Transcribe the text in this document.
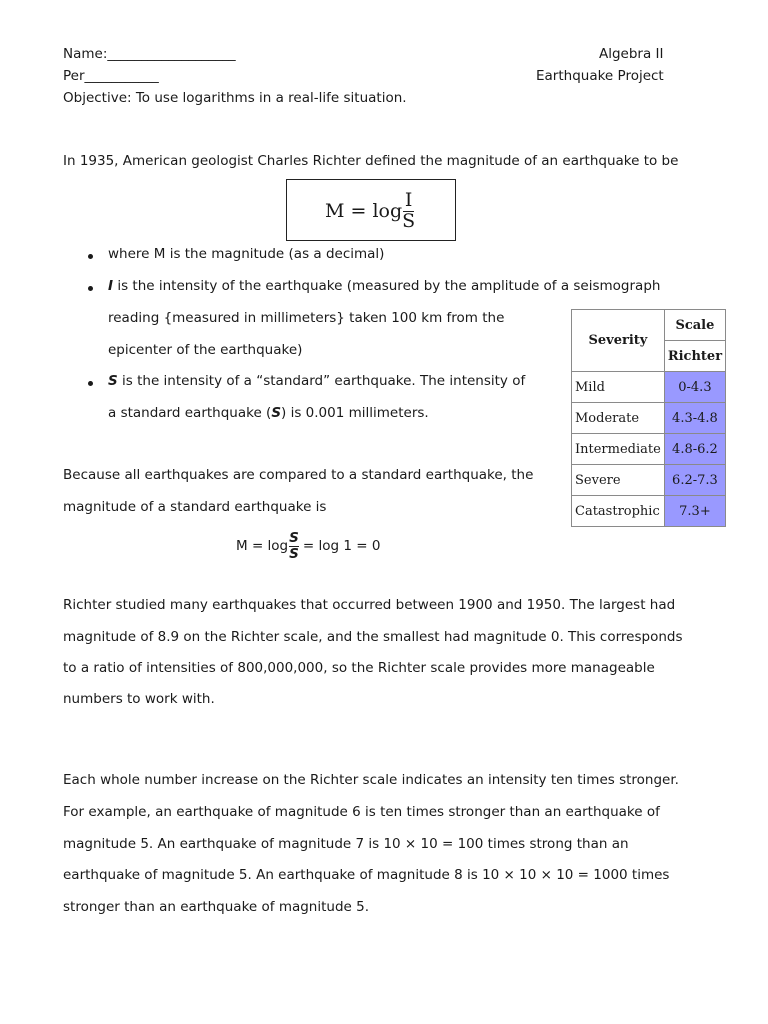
Name:___________________	Algebra II
Per___________	Earthquake Project
Objective: To use logarithms in a real-life situation.
In 1935, American geologist Charles Richter defined the magnitude of an earthquake to be
$M = \log \frac{I}{S}$
where M is the magnitude (as a decimal)
I is the intensity of the earthquake (measured by the amplitude of a seismograph
reading {measured in millimeters} taken 100 km from the
epicenter of the earthquake)
S is the intensity of a “standard” earthquake. The intensity of
a standard earthquake (S) is 0.001 millimeters.
Because all earthquakes are compared to a standard earthquake, the
magnitude of a standard earthquake is
$M = \log \frac{S}{S} = \log 1 = 0$
Severity	Scale
	Richter
Mild	0-4.3
Moderate	4.3-4.8
Intermediate	4.8-6.2
Severe	6.2-7.3
Catastrophic	7.3+
Richter studied many earthquakes that occurred between 1900 and 1950. The largest had
magnitude of 8.9 on the Richter scale, and the smallest had magnitude 0. This corresponds
to a ratio of intensities of 800,000,000, so the Richter scale provides more manageable
numbers to work with.
Each whole number increase on the Richter scale indicates an intensity ten times stronger.
For example, an earthquake of magnitude 6 is ten times stronger than an earthquake of
magnitude 5. An earthquake of magnitude 7 is 10 × 10 = 100 times strong than an
earthquake of magnitude 5. An earthquake of magnitude 8 is 10 × 10 × 10 = 1000 times
stronger than an earthquake of magnitude 5.
